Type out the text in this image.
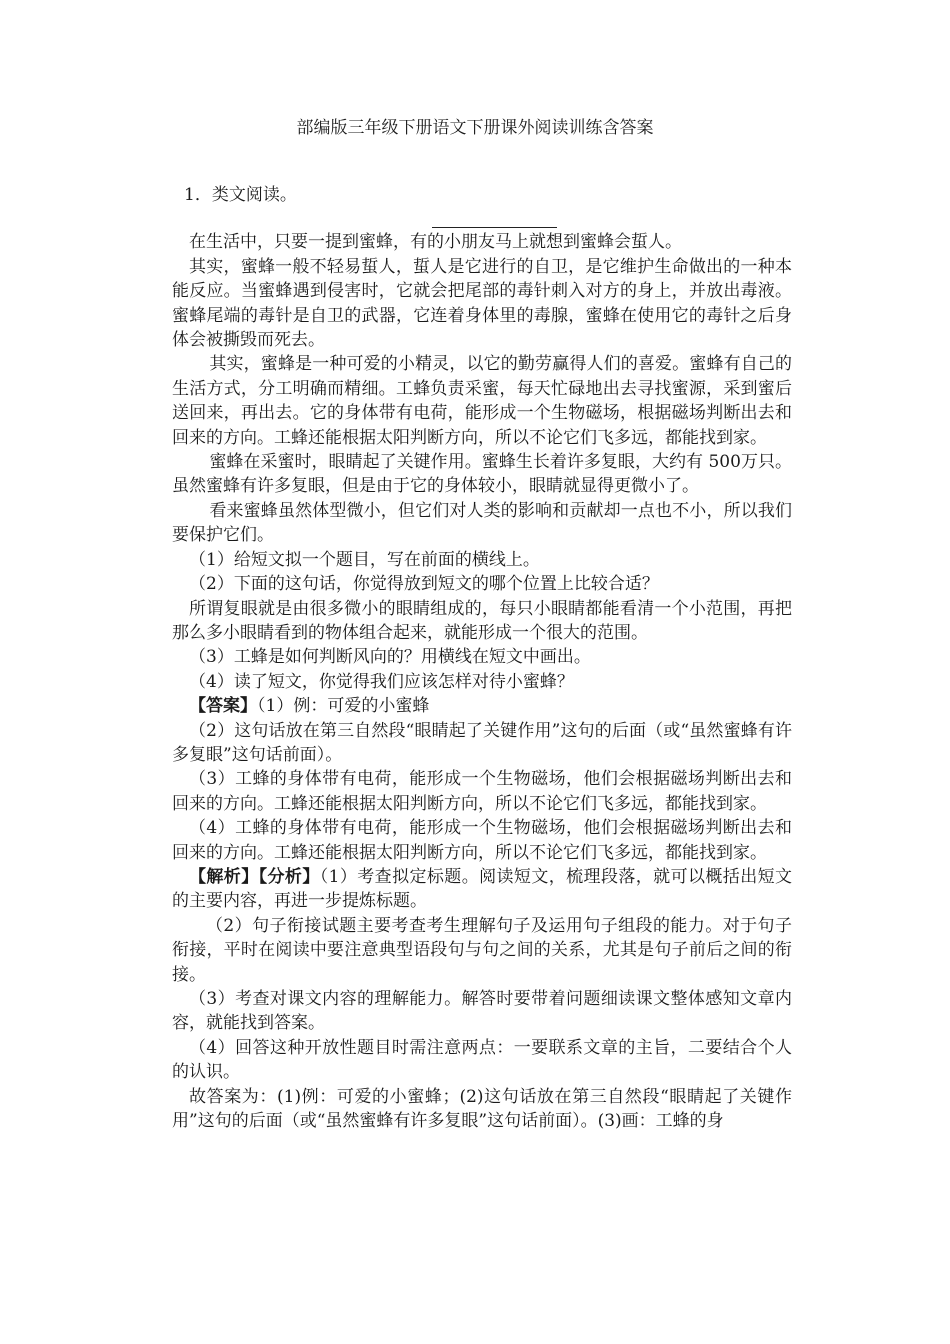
部编版三年级下册语文下册课外阅读训练含答案

1．类文阅读。

在生活中，只要一提到蜜蜂，有的小朋友马上就想到蜜蜂会蜇人。

其实，蜜蜂一般不轻易蜇人，蜇人是它进行的自卫，是它维护生命做出的一种本能反应。当蜜蜂遇到侵害时，它就会把尾部的毒针刺入对方的身上，并放出毒液。蜜蜂尾端的毒针是自卫的武器，它连着身体里的毒腺，蜜蜂在使用它的毒针之后身体会被撕毁而死去。

其实，蜜蜂是一种可爱的小精灵，以它的勤劳赢得人们的喜爱。蜜蜂有自己的生活方式，分工明确而精细。工蜂负责采蜜，每天忙碌地出去寻找蜜源，采到蜜后送回来，再出去。它的身体带有电荷，能形成一个生物磁场，根据磁场判断出去和回来的方向。工蜂还能根据太阳判断方向，所以不论它们飞多远，都能找到家。

蜜蜂在采蜜时，眼睛起了关键作用。蜜蜂生长着许多复眼，大约有 500万只。虽然蜜蜂有许多复眼，但是由于它的身体较小，眼睛就显得更微小了。

看来蜜蜂虽然体型微小，但它们对人类的影响和贡献却一点也不小，所以我们要保护它们。

（1）给短文拟一个题目，写在前面的横线上。

（2）下面的这句话，你觉得放到短文的哪个位置上比较合适？

所谓复眼就是由很多微小的眼睛组成的，每只小眼睛都能看清一个小范围，再把那么多小眼睛看到的物体组合起来，就能形成一个很大的范围。

（3）工蜂是如何判断风向的？用横线在短文中画出。

（4）读了短文，你觉得我们应该怎样对待小蜜蜂？

【答案】（1）例：可爱的小蜜蜂

（2）这句话放在第三自然段“眼睛起了关键作用”这句的后面（或“虽然蜜蜂有许多复眼”这句话前面）。

（3）工蜂的身体带有电荷，能形成一个生物磁场，他们会根据磁场判断出去和回来的方向。工蜂还能根据太阳判断方向，所以不论它们飞多远，都能找到家。

（4）工蜂的身体带有电荷，能形成一个生物磁场，他们会根据磁场判断出去和回来的方向。工蜂还能根据太阳判断方向，所以不论它们飞多远，都能找到家。

【解析】【分析】（1）考查拟定标题。阅读短文，梳理段落，就可以概括出短文的主要内容，再进一步提炼标题。

（2）句子衔接试题主要考查考生理解句子及运用句子组段的能力。对于句子衔接，平时在阅读中要注意典型语段句与句之间的关系，尤其是句子前后之间的衔接。

（3）考查对课文内容的理解能力。解答时要带着问题细读课文整体感知文章内容，就能找到答案。

（4）回答这种开放性题目时需注意两点：一要联系文章的主旨，二要结合个人的认识。

故答案为：(1)例：可爱的小蜜蜂；(2)这句话放在第三自然段“眼睛起了关键作用”这句的后面（或“虽然蜜蜂有许多复眼”这句话前面）。(3)画：工蜂的身
